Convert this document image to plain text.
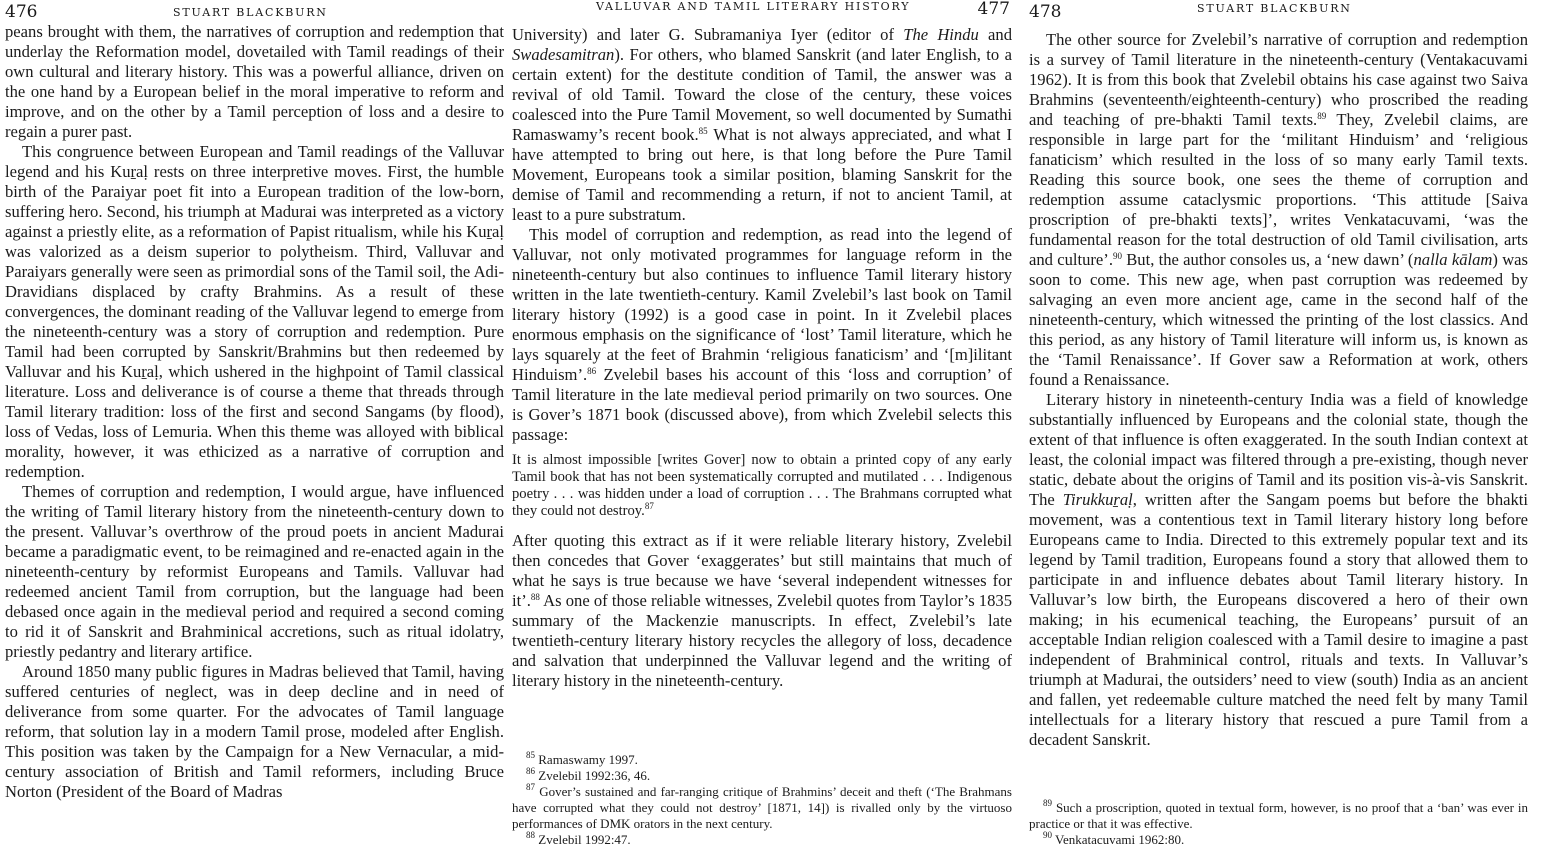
476	STUART BLACKBURN

peans brought with them, the narratives of corruption and redemption that underlay the Reformation model, dovetailed with Tamil readings of their own cultural and literary history. This was a powerful alliance, driven on the one hand by a European belief in the moral imperative to reform and improve, and on the other by a Tamil perception of loss and a desire to regain a purer past.

This congruence between European and Tamil readings of the Valluvar legend and his Kuṟaḷ rests on three interpretive moves. First, the humble birth of the Paraiyar poet fit into a European tradition of the low-born, suffering hero. Second, his triumph at Madurai was interpreted as a victory against a priestly elite, as a reformation of Papist ritualism, while his Kuṟaḷ was valorized as a deism superior to polytheism. Third, Valluvar and Paraiyars generally were seen as primordial sons of the Tamil soil, the Adi-Dravidians displaced by crafty Brahmins. As a result of these convergences, the dominant reading of the Valluvar legend to emerge from the nineteenth-century was a story of corruption and redemption. Pure Tamil had been corrupted by Sanskrit/Brahmins but then redeemed by Valluvar and his Kuṟaḷ, which ushered in the highpoint of Tamil classical literature. Loss and deliverance is of course a theme that threads through Tamil literary tradition: loss of the first and second Sangams (by flood), loss of Vedas, loss of Lemuria. When this theme was alloyed with biblical morality, however, it was ethicized as a narrative of corruption and redemption.

Themes of corruption and redemption, I would argue, have influenced the writing of Tamil literary history from the nineteenth-century down to the present. Valluvar’s overthrow of the proud poets in ancient Madurai became a paradigmatic event, to be reimagined and re-enacted again in the nineteenth-century by reformist Europeans and Tamils. Valluvar had redeemed ancient Tamil from corruption, but the language had been debased once again in the medieval period and required a second coming to rid it of Sanskrit and Brahminical accretions, such as ritual idolatry, priestly pedantry and literary artifice.

Around 1850 many public figures in Madras believed that Tamil, having suffered centuries of neglect, was in deep decline and in need of deliverance from some quarter. For the advocates of Tamil language reform, that solution lay in a modern Tamil prose, modeled after English. This position was taken by the Campaign for a New Vernacular, a mid-century association of British and Tamil reformers, including Bruce Norton (President of the Board of Madras

VALLUVAR AND TAMIL LITERARY HISTORY	477

University) and later G. Subramaniya Iyer (editor of The Hindu and Swadesamitran). For others, who blamed Sanskrit (and later English, to a certain extent) for the destitute condition of Tamil, the answer was a revival of old Tamil. Toward the close of the century, these voices coalesced into the Pure Tamil Movement, so well documented by Sumathi Ramaswamy’s recent book.$^{85}$ What is not always appreciated, and what I have attempted to bring out here, is that long before the Pure Tamil Movement, Europeans took a similar position, blaming Sanskrit for the demise of Tamil and recommending a return, if not to ancient Tamil, at least to a pure substratum.

This model of corruption and redemption, as read into the legend of Valluvar, not only motivated programmes for language reform in the nineteenth-century but also continues to influence Tamil literary history written in the late twentieth-century. Kamil Zvelebil’s last book on Tamil literary history (1992) is a good case in point. In it Zvelebil places enormous emphasis on the significance of ‘lost’ Tamil literature, which he lays squarely at the feet of Brahmin ‘religious fanaticism’ and ‘[m]ilitant Hinduism’.$^{86}$ Zvelebil bases his account of this ‘loss and corruption’ of Tamil literature in the late medieval period primarily on two sources. One is Gover’s 1871 book (discussed above), from which Zvelebil selects this passage:

It is almost impossible [writes Gover] now to obtain a printed copy of any early Tamil book that has not been systematically corrupted and mutilated . . . Indigenous poetry . . . was hidden under a load of corruption . . . The Brahmans corrupted what they could not destroy.$^{87}$

After quoting this extract as if it were reliable literary history, Zvelebil then concedes that Gover ‘exaggerates’ but still maintains that much of what he says is true because we have ‘several independent witnesses for it’.$^{88}$ As one of those reliable witnesses, Zvelebil quotes from Taylor’s 1835 summary of the Mackenzie manuscripts. In effect, Zvelebil’s late twentieth-century literary history recycles the allegory of loss, decadence and salvation that underpinned the Valluvar legend and the writing of literary history in the nineteenth-century.

$^{85}$ Ramaswamy 1997.

$^{86}$ Zvelebil 1992:36, 46.

$^{87}$ Gover’s sustained and far-ranging critique of Brahmins’ deceit and theft (‘The Brahmans have corrupted what they could not destroy’ [1871, 14]) is rivalled only by the virtuoso performances of DMK orators in the next century.

$^{88}$ Zvelebil 1992:47.

478	STUART BLACKBURN

The other source for Zvelebil’s narrative of corruption and redemption is a survey of Tamil literature in the nineteenth-century (Ventakacuvami 1962). It is from this book that Zvelebil obtains his case against two Saiva Brahmins (seventeenth/eighteenth-century) who proscribed the reading and teaching of pre-bhakti Tamil texts.$^{89}$ They, Zvelebil claims, are responsible in large part for the ‘militant Hinduism’ and ‘religious fanaticism’ which resulted in the loss of so many early Tamil texts. Reading this source book, one sees the theme of corruption and redemption assume cataclysmic proportions. ‘This attitude [Saiva proscription of pre-bhakti texts]’, writes Venkatacuvami, ‘was the fundamental reason for the total destruction of old Tamil civilisation, arts and culture’.$^{90}$ But, the author consoles us, a ‘new dawn’ (nalla kālam) was soon to come. This new age, when past corruption was redeemed by salvaging an even more ancient age, came in the second half of the nineteenth-century, which witnessed the printing of the lost classics. And this period, as any history of Tamil literature will inform us, is known as the ‘Tamil Renaissance’. If Gover saw a Reformation at work, others found a Renaissance.

Literary history in nineteenth-century India was a field of knowledge substantially influenced by Europeans and the colonial state, though the extent of that influence is often exaggerated. In the south Indian context at least, the colonial impact was filtered through a pre-existing, though never static, debate about the origins of Tamil and its position vis-à-vis Sanskrit. The Tirukkuṟaḷ, written after the Sangam poems but before the bhakti movement, was a contentious text in Tamil literary history long before Europeans came to India. Directed to this extremely popular text and its legend by Tamil tradition, Europeans found a story that allowed them to participate in and influence debates about Tamil literary history. In Valluvar’s low birth, the Europeans discovered a hero of their own making; in his ecumenical teaching, the Europeans’ pursuit of an acceptable Indian religion coalesced with a Tamil desire to imagine a past independent of Brahminical control, rituals and texts. In Valluvar’s triumph at Madurai, the outsiders’ need to view (south) India as an ancient and fallen, yet redeemable culture matched the need felt by many Tamil intellectuals for a literary history that rescued a pure Tamil from a decadent Sanskrit.

$^{89}$ Such a proscription, quoted in textual form, however, is no proof that a ‘ban’ was ever in practice or that it was effective.

$^{90}$ Venkatacuvami 1962:80.
